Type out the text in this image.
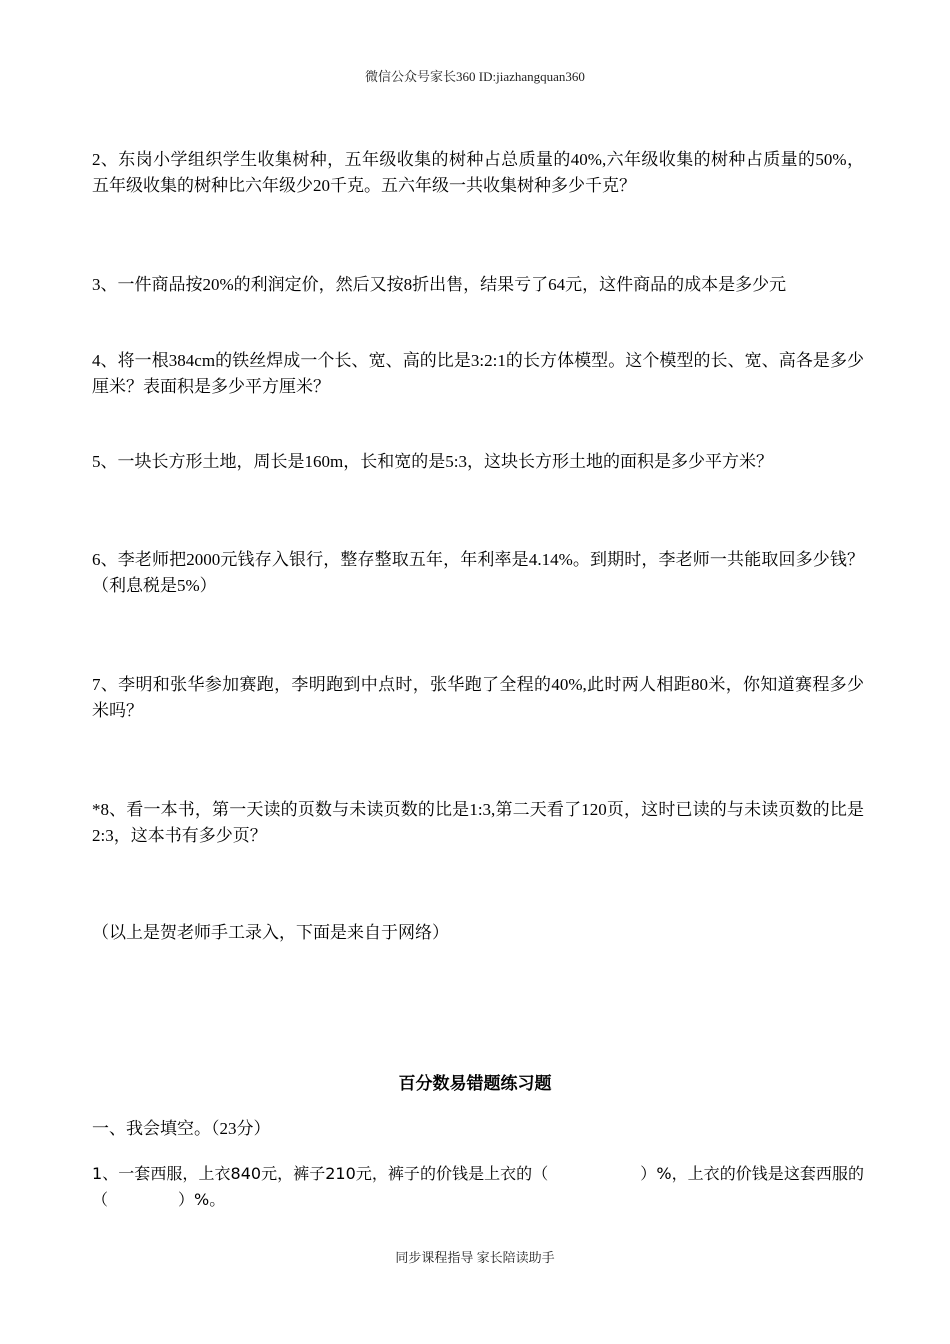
微信公众号家长360 ID:jiazhangquan360
2、东岗小学组织学生收集树种，五年级收集的树种占总质量的40%,六年级收集的树种占质量的50%，五年级收集的树种比六年级少20千克。五六年级一共收集树种多少千克？
3、一件商品按20%的利润定价，然后又按8折出售，结果亏了64元，这件商品的成本是多少元
4、将一根384cm的铁丝焊成一个长、宽、高的比是3:2:1的长方体模型。这个模型的长、宽、高各是多少厘米？表面积是多少平方厘米？
5、一块长方形土地，周长是160m，长和宽的是5:3，这块长方形土地的面积是多少平方米？
6、李老师把2000元钱存入银行，整存整取五年，年利率是4.14%。到期时，李老师一共能取回多少钱？（利息税是5%）
7、李明和张华参加赛跑，李明跑到中点时，张华跑了全程的40%,此时两人相距80米，你知道赛程多少米吗？
*8、看一本书，第一天读的页数与未读页数的比是1:3,第二天看了120页，这时已读的与未读页数的比是2:3，这本书有多少页？
（以上是贺老师手工录入，下面是来自于网络）
百分数易错题练习题
一、我会填空。（23分）
1、一套西服，上衣840元，裤子210元，裤子的价钱是上衣的（	）%，上衣的价钱是这套西服的（	）%。
同步课程指导 家长陪读助手
